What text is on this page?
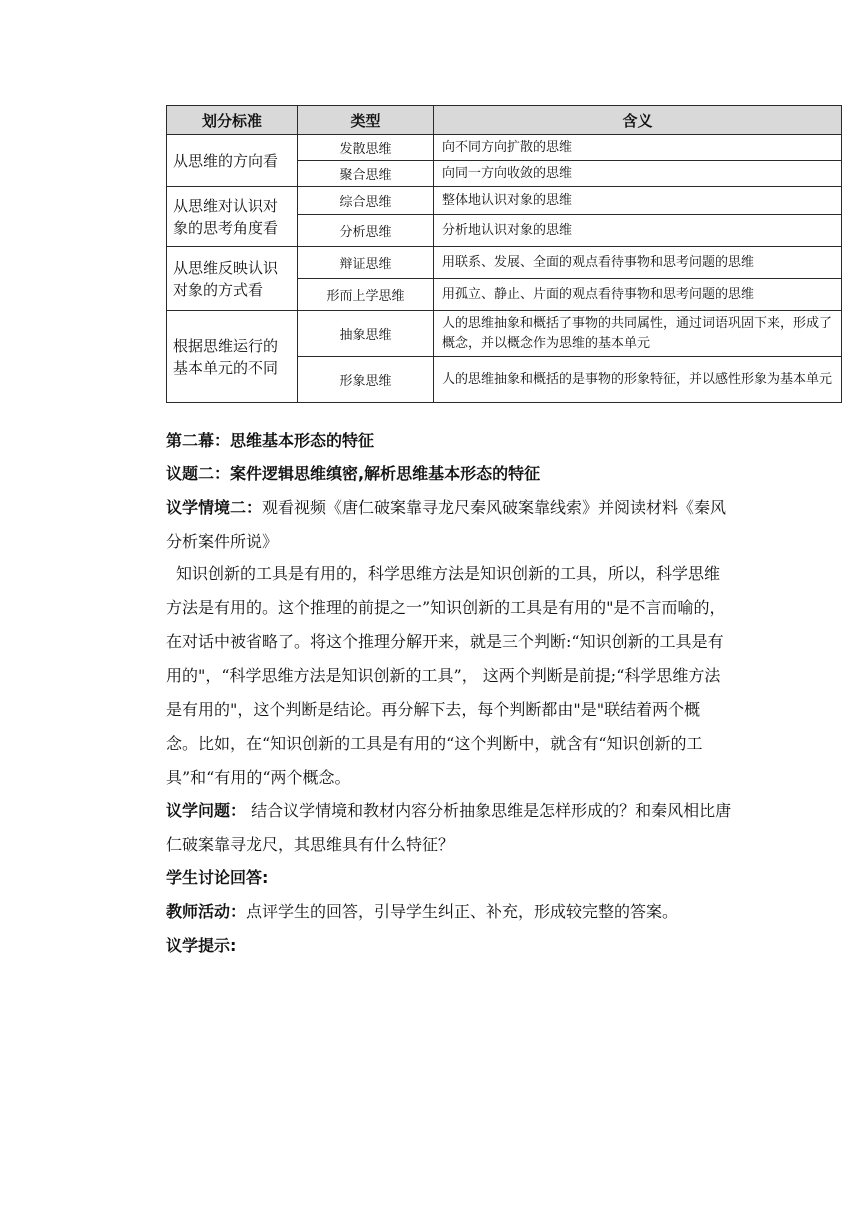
划分标准	类型	含义
从思维的方向看	发散思维	向不同方向扩散的思维
	聚合思维	向同一方向收敛的思维
从思维对认识对象的思考角度看	综合思维	整体地认识对象的思维
	分析思维	分析地认识对象的思维
从思维反映认识对象的方式看	辩证思维	用联系、发展、全面的观点看待事物和思考问题的思维
	形而上学思维	用孤立、静止、片面的观点看待事物和思考问题的思维
根据思维运行的基本单元的不同	抽象思维	人的思维抽象和概括了事物的共同属性，通过词语巩固下来，形成了概念，并以概念作为思维的基本单元
	形象思维	人的思维抽象和概括的是事物的形象特征，并以感性形象为基本单元

第二幕：思维基本形态的特征

议题二：案件逻辑思维缜密,解析思维基本形态的特征

议学情境二：观看视频《唐仁破案靠寻龙尺秦风破案靠线索》并阅读材料《秦风分析案件所说》

知识创新的工具是有用的，科学思维方法是知识创新的工具，所以，科学思维方法是有用的。这个推理的前提之一”知识创新的工具是有用的"是不言而喻的，在对话中被省略了。将这个推理分解开来，就是三个判断:“知识创新的工具是有用的"，“科学思维方法是知识创新的工具”， 这两个判断是前提;“科学思维方法是有用的"，这个判断是结论。再分解下去，每个判断都由"是"联结着两个概念。比如，在“知识创新的工具是有用的“这个判断中，就含有“知识创新的工具”和“有用的“两个概念。

议学问题： 结合议学情境和教材内容分析抽象思维是怎样形成的？和秦风相比唐仁破案靠寻龙尺，其思维具有什么特征？

学生讨论回答:

教师活动：点评学生的回答，引导学生纠正、补充，形成较完整的答案。

议学提示:
